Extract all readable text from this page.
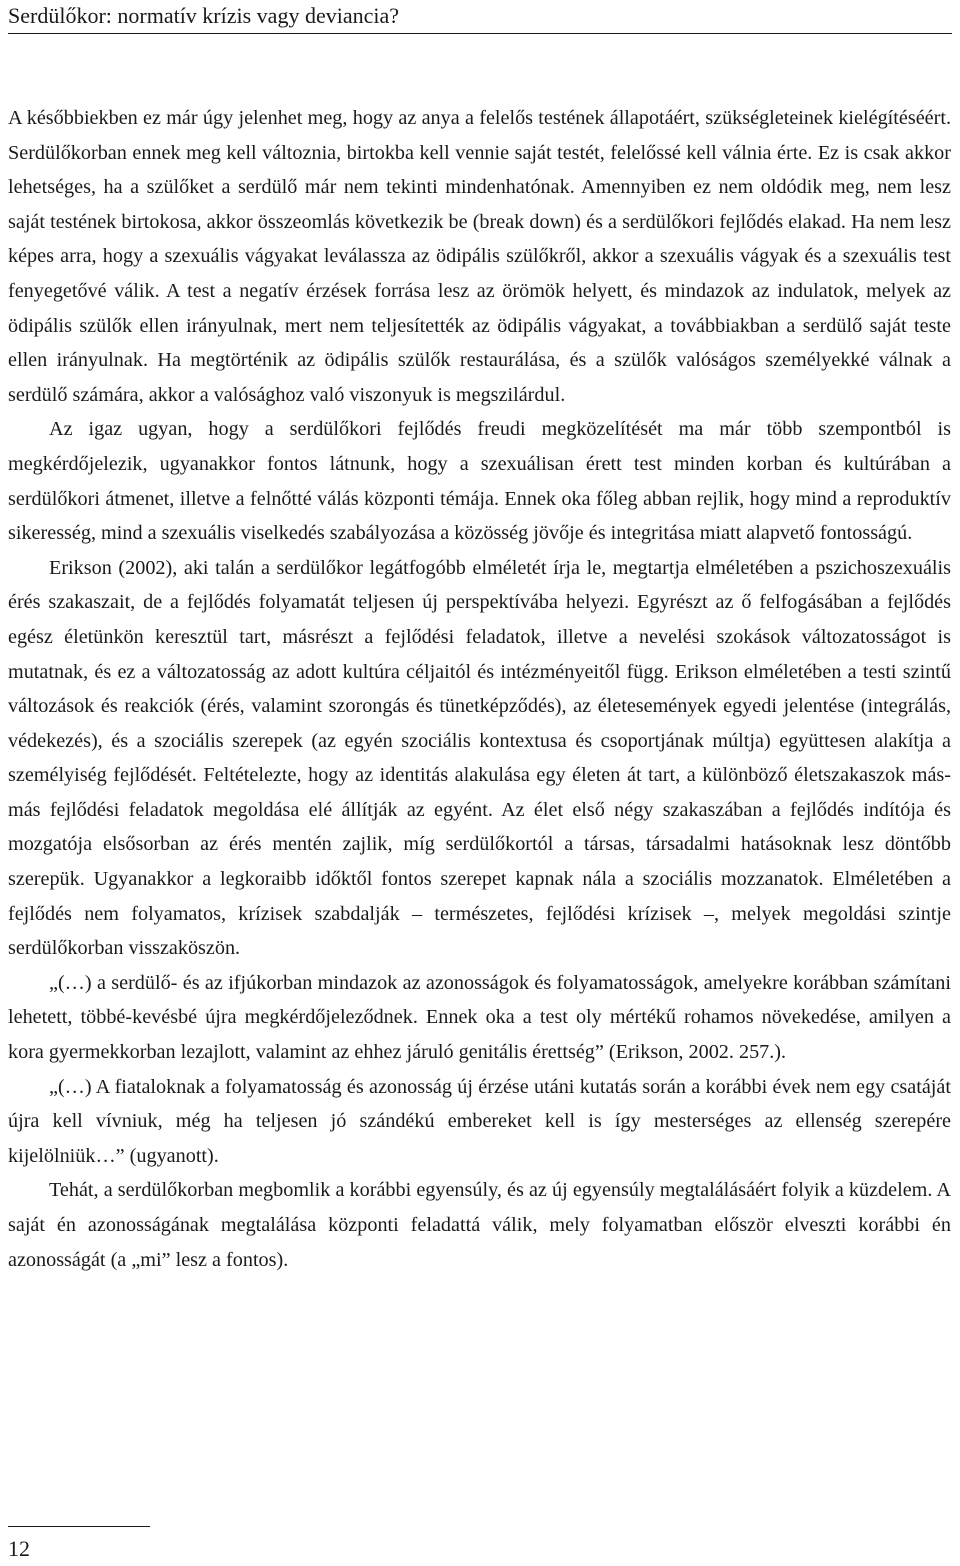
Serdülőkor: normatív krízis vagy deviancia?

A későbbiekben ez már úgy jelenhet meg, hogy az anya a felelős testének állapotáért, szükségleteinek kielégítéséért. Serdülőkorban ennek meg kell változnia, birtokba kell vennie saját testét, felelőssé kell válnia érte. Ez is csak akkor lehetséges, ha a szülőket a serdülő már nem tekinti mindenhatónak. Amennyiben ez nem oldódik meg, nem lesz saját testének birtokosa, akkor összeomlás következik be (break down) és a serdülőkori fejlődés elakad. Ha nem lesz képes arra, hogy a szexuális vágyakat leválassza az ödipális szülőkről, akkor a szexuális vágyak és a szexuális test fenyegetővé válik. A test a negatív érzések forrása lesz az örömök helyett, és mindazok az indulatok, melyek az ödipális szülők ellen irányulnak, mert nem teljesítették az ödipális vágyakat, a továbbiakban a serdülő saját teste ellen irányulnak. Ha megtörténik az ödipális szülők restaurálása, és a szülők valóságos személyekké válnak a serdülő számára, akkor a valósághoz való viszonyuk is megszilárdul.

Az igaz ugyan, hogy a serdülőkori fejlődés freudi megközelítését ma már több szempontból is megkérdőjelezik, ugyanakkor fontos látnunk, hogy a szexuálisan érett test minden korban és kultúrában a serdülőkori átmenet, illetve a felnőtté válás központi témája. Ennek oka főleg abban rejlik, hogy mind a reproduktív sikeresség, mind a szexuális viselkedés szabályozása a közösség jövője és integritása miatt alapvető fontosságú.

Erikson (2002), aki talán a serdülőkor legátfogóbb elméletét írja le, megtartja elméletében a pszichoszexuális érés szakaszait, de a fejlődés folyamatát teljesen új perspektívába helyezi. Egyrészt az ő felfogásában a fejlődés egész életünkön keresztül tart, másrészt a fejlődési feladatok, illetve a nevelési szokások változatosságot is mutatnak, és ez a változatosság az adott kultúra céljaitól és intézményeitől függ. Erikson elméletében a testi szintű változások és reakciók (érés, valamint szorongás és tünetképződés), az életesemények egyedi jelentése (integrálás, védekezés), és a szociális szerepek (az egyén szociális kontextusa és csoportjának múltja) együttesen alakítja a személyiség fejlődését. Feltételezte, hogy az identitás alakulása egy életen át tart, a különböző életszakaszok más-más fejlődési feladatok megoldása elé állítják az egyént. Az élet első négy szakaszában a fejlődés indítója és mozgatója elsősorban az érés mentén zajlik, míg serdülőkortól a társas, társadalmi hatásoknak lesz döntőbb szerepük. Ugyanakkor a legkoraibb időktől fontos szerepet kapnak nála a szociális mozzanatok. Elméletében a fejlődés nem folyamatos, krízisek szabdalják – természetes, fejlődési krízisek –, melyek megoldási szintje serdülőkorban visszaköszön.

„(…) a serdülő- és az ifjúkorban mindazok az azonosságok és folyamatosságok, amelyekre korábban számítani lehetett, többé-kevésbé újra megkérdőjeleződnek. Ennek oka a test oly mértékű rohamos növekedése, amilyen a kora gyermekkorban lezajlott, valamint az ehhez járuló genitális érettség” (Erikson, 2002. 257.).

„(…) A fiataloknak a folyamatosság és azonosság új érzése utáni kutatás során a korábbi évek nem egy csatáját újra kell vívniuk, még ha teljesen jó szándékú embereket kell is így mesterséges az ellenség szerepére kijelölniük…” (ugyanott).

Tehát, a serdülőkorban megbomlik a korábbi egyensúly, és az új egyensúly megtalálásáért folyik a küzdelem. A saját én azonosságának megtalálása központi feladattá válik, mely folyamatban először elveszti korábbi én azonosságát (a „mi” lesz a fontos).

12
